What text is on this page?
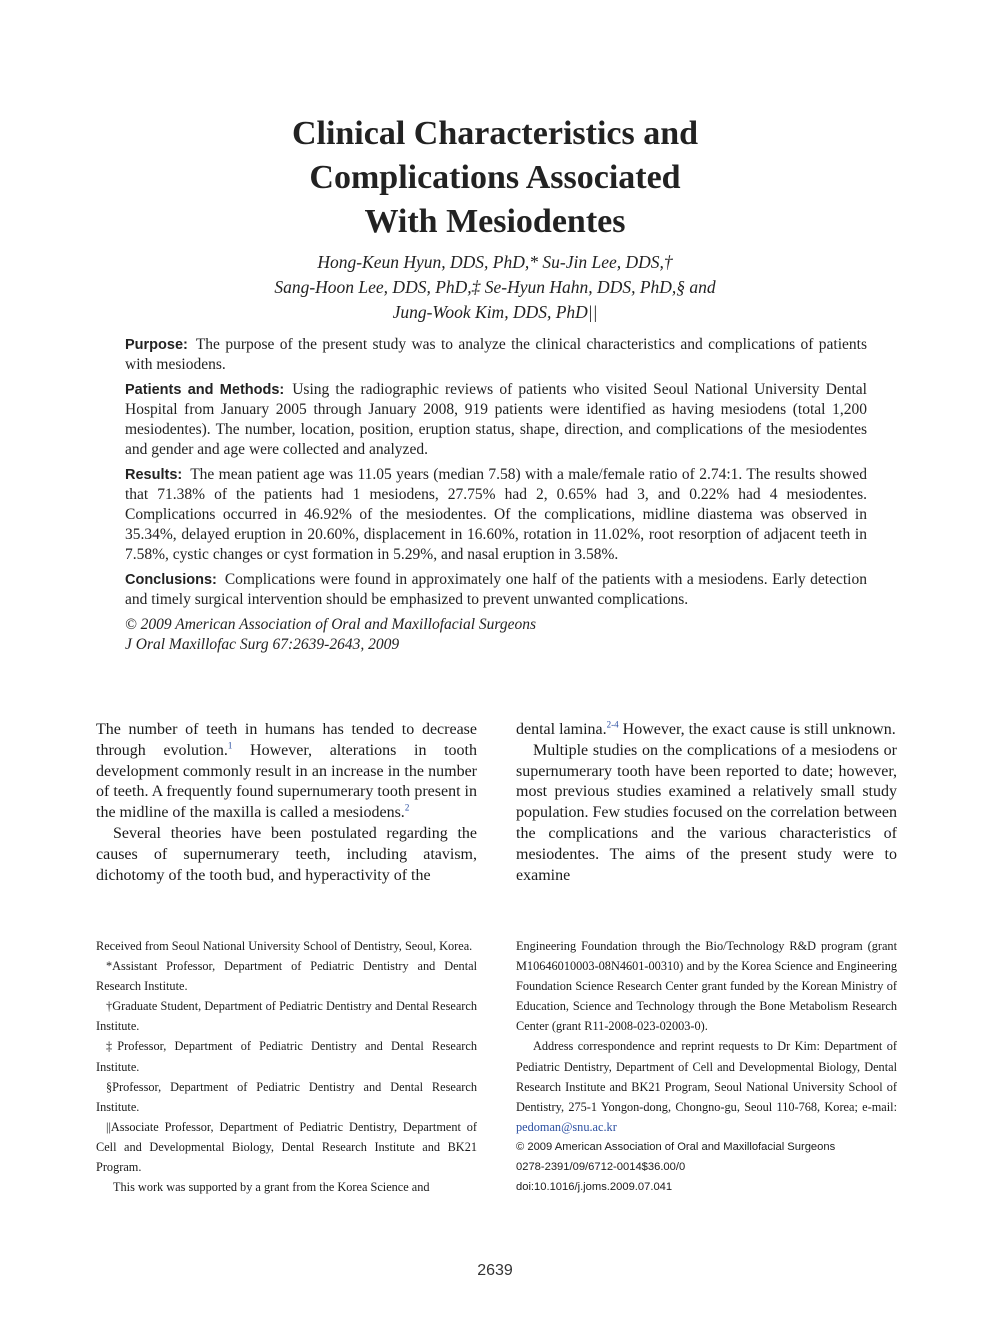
Clinical Characteristics and
Complications Associated
With Mesiodentes
Hong-Keun Hyun, DDS, PhD,* Su-Jin Lee, DDS,†
Sang-Hoon Lee, DDS, PhD,‡ Se-Hyun Hahn, DDS, PhD,§ and
Jung-Wook Kim, DDS, PhD||

Purpose: The purpose of the present study was to analyze the clinical characteristics and complications of patients with mesiodens.

Patients and Methods: Using the radiographic reviews of patients who visited Seoul National University Dental Hospital from January 2005 through January 2008, 919 patients were identified as having mesiodens (total 1,200 mesiodentes). The number, location, position, eruption status, shape, direction, and complications of the mesiodentes and gender and age were collected and analyzed.

Results: The mean patient age was 11.05 years (median 7.58) with a male/female ratio of 2.74:1. The results showed that 71.38% of the patients had 1 mesiodens, 27.75% had 2, 0.65% had 3, and 0.22% had 4 mesiodentes. Complications occurred in 46.92% of the mesiodentes. Of the complications, midline diastema was observed in 35.34%, delayed eruption in 20.60%, displacement in 16.60%, rotation in 11.02%, root resorption of adjacent teeth in 7.58%, cystic changes or cyst formation in 5.29%, and nasal eruption in 3.58%.

Conclusions: Complications were found in approximately one half of the patients with a mesiodens. Early detection and timely surgical intervention should be emphasized to prevent unwanted complications.

© 2009 American Association of Oral and Maxillofacial Surgeons

J Oral Maxillofac Surg 67:2639-2643, 2009

The number of teeth in humans has tended to decrease through evolution.$^1$ However, alterations in tooth development commonly result in an increase in the number of teeth. A frequently found supernumerary tooth present in the midline of the maxilla is called a mesiodens.$^2$

Several theories have been postulated regarding the causes of supernumerary teeth, including atavism, dichotomy of the tooth bud, and hyperactivity of the

dental lamina.$^{2-4}$ However, the exact cause is still unknown.

Multiple studies on the complications of a mesiodens or supernumerary tooth have been reported to date; however, most previous studies examined a relatively small study population. Few studies focused on the correlation between the complications and the various characteristics of mesiodentes. The aims of the present study were to examine

Received from Seoul National University School of Dentistry, Seoul, Korea.

*Assistant Professor, Department of Pediatric Dentistry and Dental Research Institute.

†Graduate Student, Department of Pediatric Dentistry and Dental Research Institute.

‡Professor, Department of Pediatric Dentistry and Dental Research Institute.

§Professor, Department of Pediatric Dentistry and Dental Research Institute.

||Associate Professor, Department of Pediatric Dentistry, Department of Cell and Developmental Biology, Dental Research Institute and BK21 Program.

This work was supported by a grant from the Korea Science and

Engineering Foundation through the Bio/Technology R&D program (grant M10646010003-08N4601-00310) and by the Korea Science and Engineering Foundation Science Research Center grant funded by the Korean Ministry of Education, Science and Technology through the Bone Metabolism Research Center (grant R11-2008-023-02003-0).

Address correspondence and reprint requests to Dr Kim: Department of Pediatric Dentistry, Department of Cell and Developmental Biology, Dental Research Institute and BK21 Program, Seoul National University School of Dentistry, 275-1 Yongon-dong, Chongno-gu, Seoul 110-768, Korea; e-mail: pedoman@snu.ac.kr

© 2009 American Association of Oral and Maxillofacial Surgeons

0278-2391/09/6712-0014$36.00/0

doi:10.1016/j.joms.2009.07.041

2639
